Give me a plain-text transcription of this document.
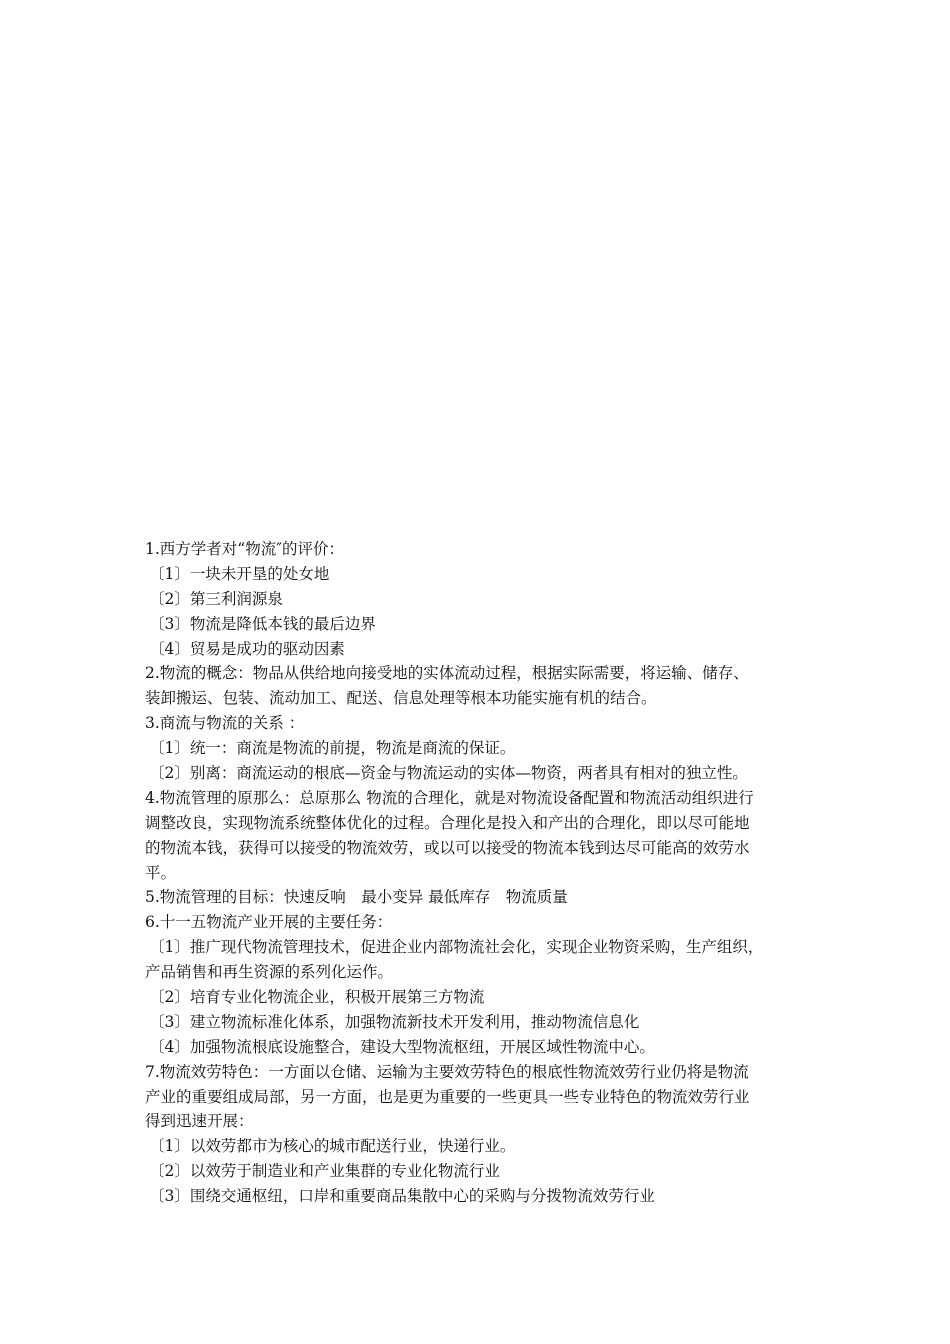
1.西方学者对“物流″的评价：
〔1〕一块未开垦的处女地
〔2〕第三利润源泉
〔3〕物流是降低本钱的最后边界
〔4〕贸易是成功的驱动因素
2.物流的概念：物品从供给地向接受地的实体流动过程，根据实际需要，将运输、储存、
装卸搬运、包装、流动加工、配送、信息处理等根本功能实施有机的结合。
3.商流与物流的关系 ：
〔1〕统一：商流是物流的前提，物流是商流的保证。
〔2〕别离：商流运动的根底—资金与物流运动的实体—物资，两者具有相对的独立性。
4.物流管理的原那么：总原那么 物流的合理化，就是对物流设备配置和物流活动组织进行
调整改良，实现物流系统整体优化的过程。合理化是投入和产出的合理化，即以尽可能地
的物流本钱，获得可以接受的物流效劳，或以可以接受的物流本钱到达尽可能高的效劳水
平。
5.物流管理的目标：快速反响　最小变异 最低库存　物流质量
6.十一五物流产业开展的主要任务：
〔1〕推广现代物流管理技术，促进企业内部物流社会化，实现企业物资采购，生产组织，
产品销售和再生资源的系列化运作。
〔2〕培育专业化物流企业，积极开展第三方物流
〔3〕建立物流标准化体系，加强物流新技术开发利用，推动物流信息化
〔4〕加强物流根底设施整合，建设大型物流枢纽，开展区域性物流中心。
7.物流效劳特色：一方面以仓储、运输为主要效劳特色的根底性物流效劳行业仍将是物流
产业的重要组成局部，另一方面，也是更为重要的一些更具一些专业特色的物流效劳行业
得到迅速开展：
〔1〕以效劳都市为核心的城市配送行业，快递行业。
〔2〕以效劳于制造业和产业集群的专业化物流行业
〔3〕围绕交通枢纽，口岸和重要商品集散中心的采购与分拨物流效劳行业
